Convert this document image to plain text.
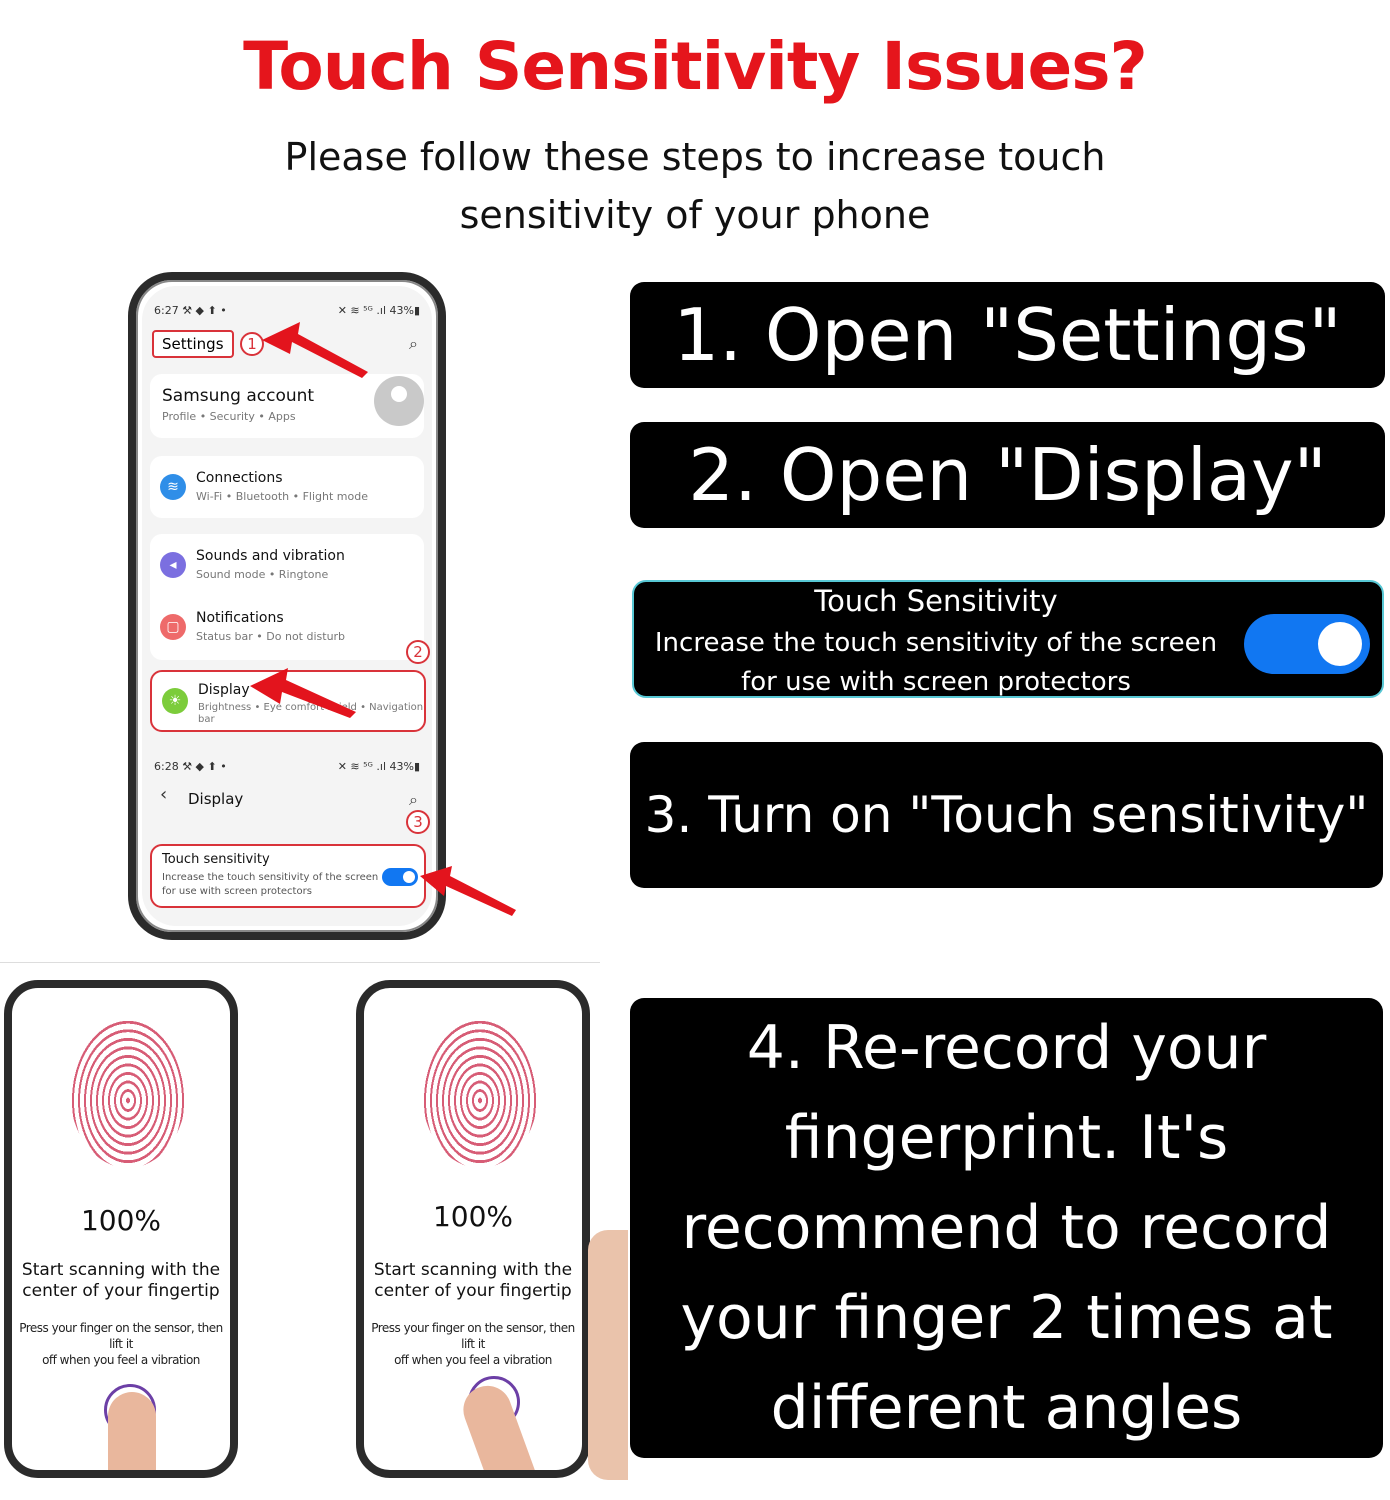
Touch Sensitivity Issues?
Please follow these steps to increase touch
sensitivity of your phone
6:27 ⚒ ◆ ⬆ •	✕ ≋ ⁵ᴳ .ıl 43%▮
Settings	1	⌕
Samsung account
Profile • Security • Apps
≋
Connections
Wi-Fi • Bluetooth • Flight mode
◂
Sounds and vibration
Sound mode • Ringtone
▢
Notifications
Status bar • Do not disturb
2
☀
Display
Brightness • Eye comfort shield • Navigation
bar
6:28 ⚒ ◆ ⬆ •	✕ ≋ ⁵ᴳ .ıl 43%▮
‹ Display	⌕
3
Touch sensitivity
Increase the touch sensitivity of the screen
for use with screen protectors
1. Open "Settings"
2. Open "Display"
Touch Sensitivity
Increase the touch sensitivity of the screen
for use with screen protectors
3. Turn on "Touch sensitivity"
4. Re-record your
fingerprint. It's
recommend to record
your finger 2 times at
different angles
100%
Start scanning with the
center of your fingertip
Press your finger on the sensor, then lift it
off when you feel a vibration
100%
Start scanning with the
center of your fingertip
Press your finger on the sensor, then lift it
off when you feel a vibration
